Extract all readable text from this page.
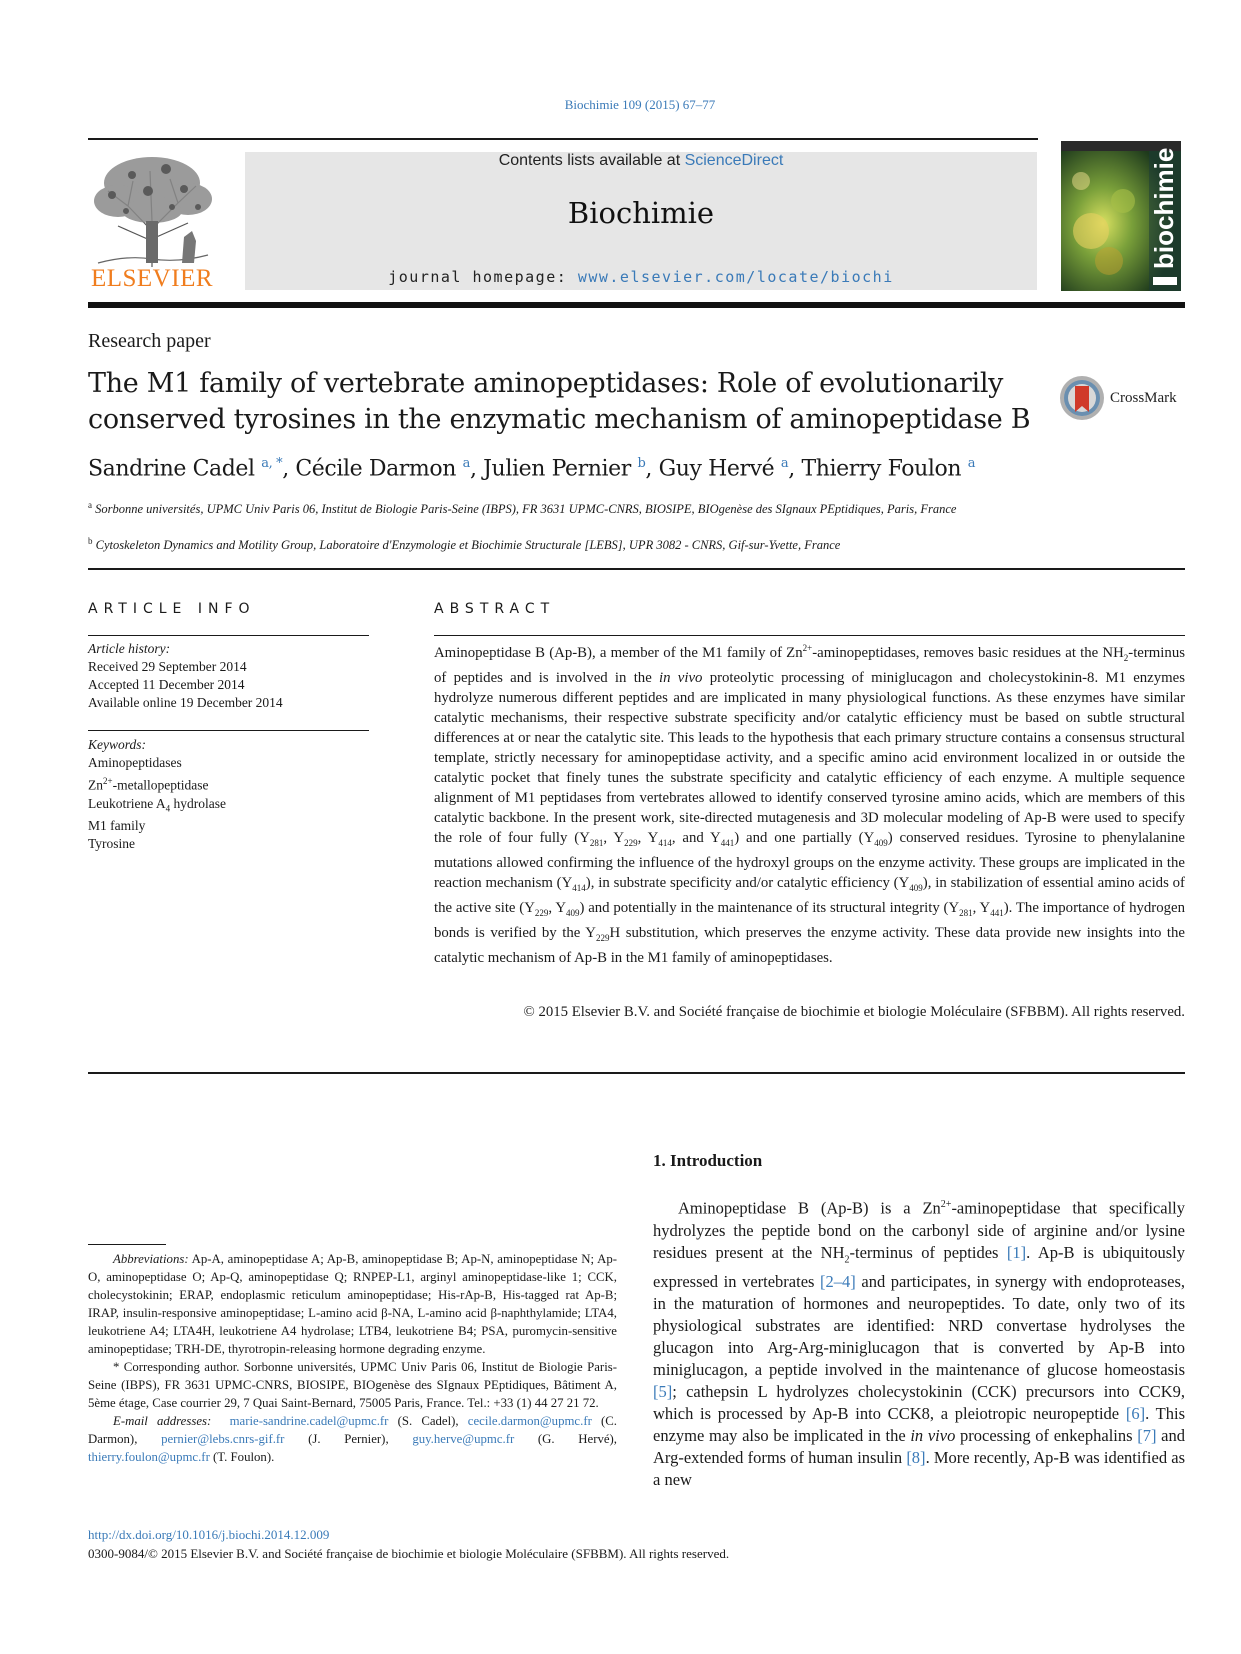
Biochimie 109 (2015) 67–77
ELSEVIER
Contents lists available at ScienceDirect
Biochimie
journal homepage: www.elsevier.com/locate/biochi
biochimie
Research paper
The M1 family of vertebrate aminopeptidases: Role of evolutionarily conserved tyrosines in the enzymatic mechanism of aminopeptidase B
CrossMark
Sandrine Cadel $^{a, *}$, Cécile Darmon $^a$, Julien Pernier $^b$, Guy Hervé $^a$, Thierry Foulon $^a$
$^a$ Sorbonne universités, UPMC Univ Paris 06, Institut de Biologie Paris-Seine (IBPS), FR 3631 UPMC-CNRS, BIOSIPE, BIOgenèse des SIgnaux PEptidiques, Paris, France
$^b$ Cytoskeleton Dynamics and Motility Group, Laboratoire d'Enzymologie et Biochimie Structurale [LEBS], UPR 3082 - CNRS, Gif-sur-Yvette, France
ARTICLE INFO
Article history:
Received 29 September 2014
Accepted 11 December 2014
Available online 19 December 2014
Keywords:
Aminopeptidases
$Zn^{2+}$-metallopeptidase
Leukotriene $A_4$ hydrolase
M1 family
Tyrosine
ABSTRACT
Aminopeptidase B (Ap-B), a member of the M1 family of $Zn^{2+}$-aminopeptidases, removes basic residues at the $NH_2$-terminus of peptides and is involved in the in vivo proteolytic processing of miniglucagon and cholecystokinin-8. M1 enzymes hydrolyze numerous different peptides and are implicated in many physiological functions. As these enzymes have similar catalytic mechanisms, their respective substrate specificity and/or catalytic efficiency must be based on subtle structural differences at or near the catalytic site. This leads to the hypothesis that each primary structure contains a consensus structural template, strictly necessary for aminopeptidase activity, and a specific amino acid environment localized in or outside the catalytic pocket that finely tunes the substrate specificity and catalytic efficiency of each enzyme. A multiple sequence alignment of M1 peptidases from vertebrates allowed to identify conserved tyrosine amino acids, which are members of this catalytic backbone. In the present work, site-directed mutagenesis and 3D molecular modeling of Ap-B were used to specify the role of four fully ($Y_{281}$, $Y_{229}$, $Y_{414}$, and $Y_{441}$) and one partially $(Y_{409})$ conserved residues. Tyrosine to phenylalanine mutations allowed confirming the influence of the hydroxyl groups on the enzyme activity. These groups are implicated in the reaction mechanism $(Y_{414})$, in substrate specificity and/or catalytic efficiency $(Y_{409})$, in stabilization of essential amino acids of the active site ($Y_{229}$, $Y_{409}$) and potentially in the maintenance of its structural integrity ($Y_{281}$, $Y_{441}$). The importance of hydrogen bonds is verified by the $Y_{229}H$ substitution, which preserves the enzyme activity. These data provide new insights into the catalytic mechanism of Ap-B in the M1 family of aminopeptidases.
© 2015 Elsevier B.V. and Société française de biochimie et biologie Moléculaire (SFBBM). All rights reserved.
1. Introduction

Aminopeptidase B (Ap-B) is a $Zn^{2+}$-aminopeptidase that specifically hydrolyzes the peptide bond on the carbonyl side of arginine and/or lysine residues present at the $NH_2$-terminus of peptides [1]. Ap-B is ubiquitously expressed in vertebrates [2–4] and participates, in synergy with endoproteases, in the maturation of hormones and neuropeptides. To date, only two of its physiological substrates are identified: NRD convertase hydrolyses the glucagon into Arg-Arg-miniglucagon that is converted by Ap-B into miniglucagon, a peptide involved in the maintenance of glucose homeostasis [5]; cathepsin L hydrolyzes cholecystokinin (CCK) precursors into CCK9, which is processed by Ap-B into CCK8, a pleiotropic neuropeptide [6]. This enzyme may also be implicated in the in vivo processing of enkephalins [7] and Arg-extended forms of human insulin [8]. More recently, Ap-B was identified as a new

Abbreviations: Ap-A, aminopeptidase A; Ap-B, aminopeptidase B; Ap-N, aminopeptidase N; Ap-O, aminopeptidase O; Ap-Q, aminopeptidase Q; RNPEP-L1, arginyl aminopeptidase-like 1; CCK, cholecystokinin; ERAP, endoplasmic reticulum aminopeptidase; His-rAp-B, His-tagged rat Ap-B; IRAP, insulin-responsive aminopeptidase; L-amino acid β-NA, L-amino acid β-naphthylamide; LTA4, leukotriene A4; LTA4H, leukotriene A4 hydrolase; LTB4, leukotriene B4; PSA, puromycin-sensitive aminopeptidase; TRH-DE, thyrotropin-releasing hormone degrading enzyme.

* Corresponding author. Sorbonne universités, UPMC Univ Paris 06, Institut de Biologie Paris-Seine (IBPS), FR 3631 UPMC-CNRS, BIOSIPE, BIOgenèse des SIgnaux PEptidiques, Bâtiment A, 5ème étage, Case courrier 29, 7 Quai Saint-Bernard, 75005 Paris, France. Tel.: +33 (1) 44 27 21 72.

E-mail addresses: marie-sandrine.cadel@upmc.fr (S. Cadel), cecile.darmon@upmc.fr (C. Darmon), pernier@lebs.cnrs-gif.fr (J. Pernier), guy.herve@upmc.fr (G. Hervé), thierry.foulon@upmc.fr (T. Foulon).

http://dx.doi.org/10.1016/j.biochi.2014.12.009
0300-9084/© 2015 Elsevier B.V. and Société française de biochimie et biologie Moléculaire (SFBBM). All rights reserved.
